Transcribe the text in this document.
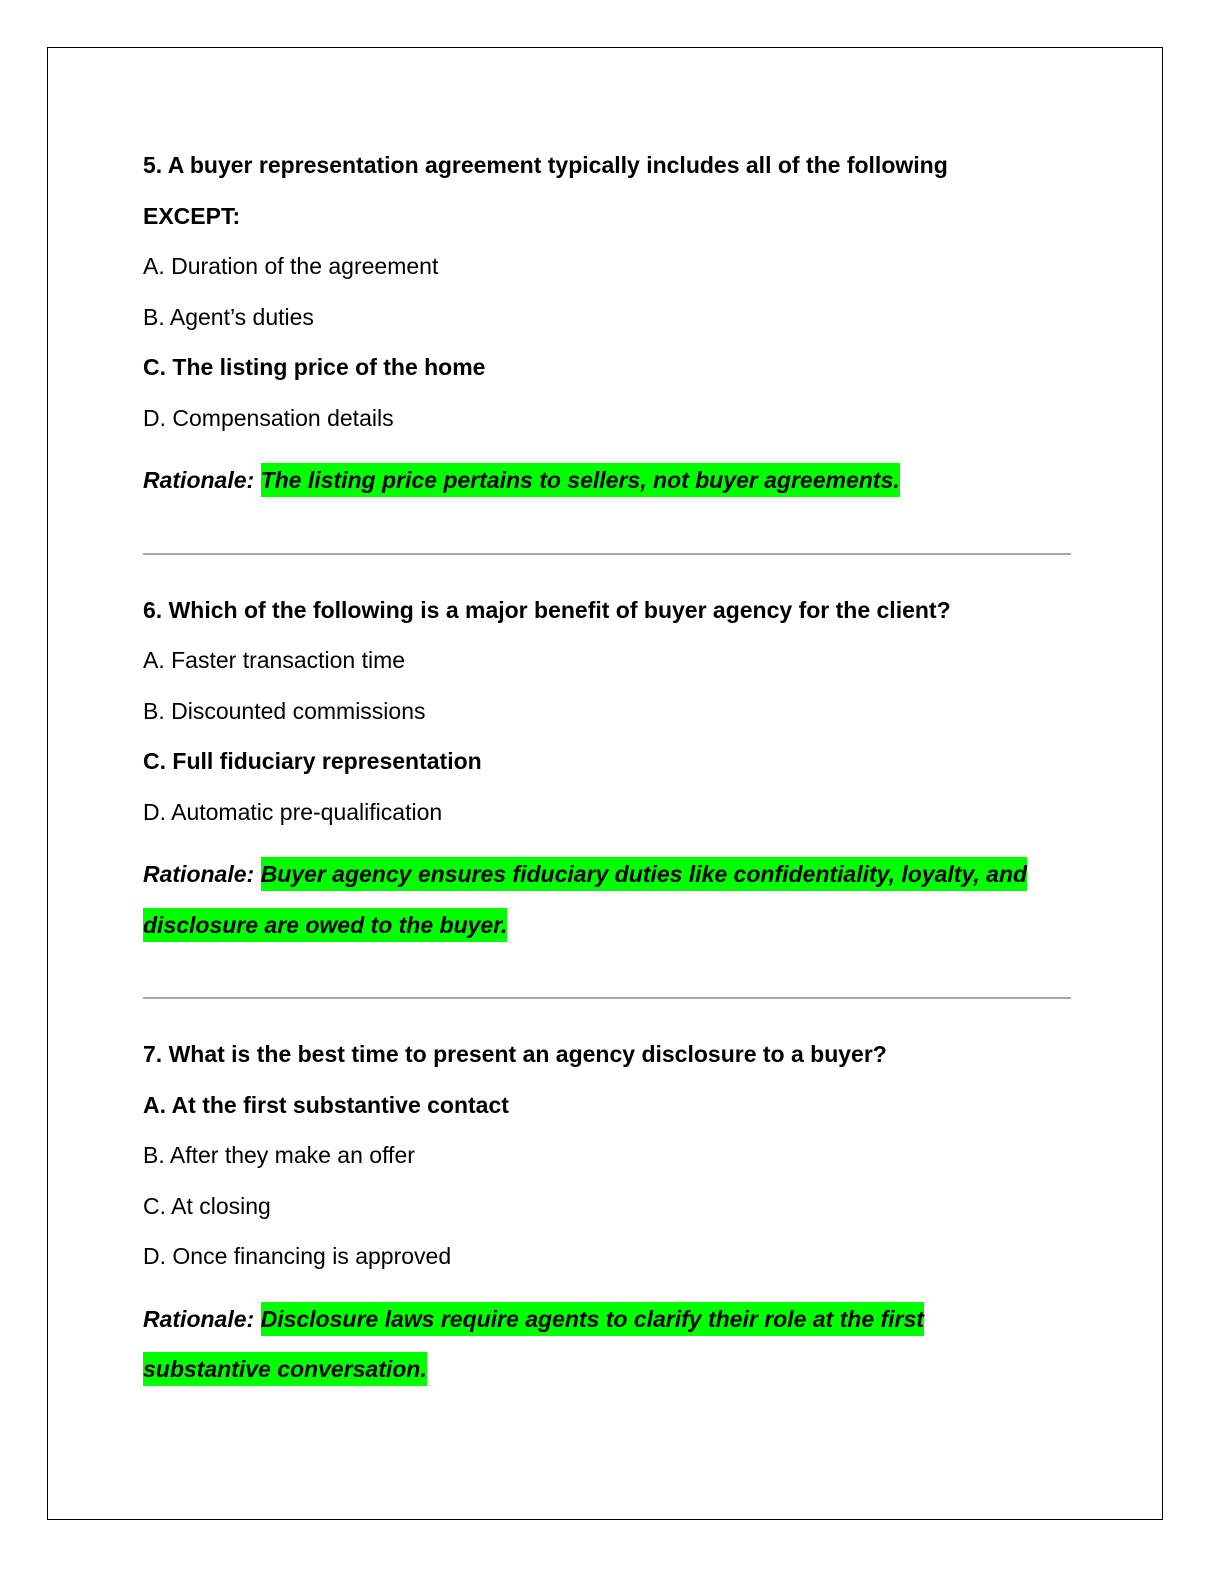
5. A buyer representation agreement typically includes all of the following

EXCEPT:

A. Duration of the agreement

B. Agent’s duties

C. The listing price of the home

D. Compensation details

Rationale: The listing price pertains to sellers, not buyer agreements.

6. Which of the following is a major benefit of buyer agency for the client?

A. Faster transaction time

B. Discounted commissions

C. Full fiduciary representation

D. Automatic pre-qualification

Rationale: Buyer agency ensures fiduciary duties like confidentiality, loyalty, and

disclosure are owed to the buyer.

7. What is the best time to present an agency disclosure to a buyer?

A. At the first substantive contact

B. After they make an offer

C. At closing

D. Once financing is approved

Rationale: Disclosure laws require agents to clarify their role at the first

substantive conversation.
